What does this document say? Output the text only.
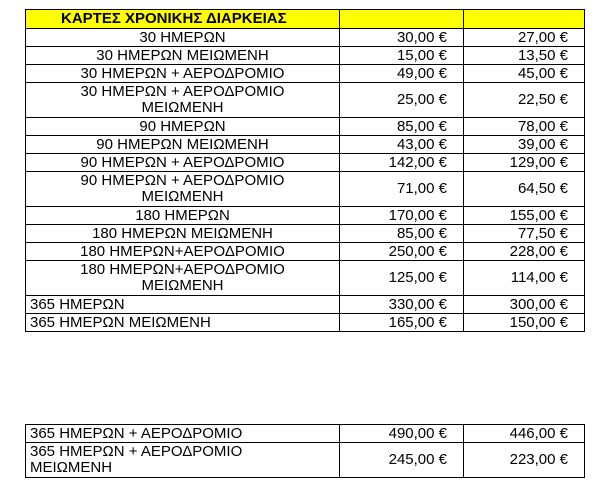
ΚΑΡΤΕΣ ΧΡΟΝΙΚΗΣ ΔΙΑΡΚΕΙΑΣ		
30 ΗΜΕΡΩΝ	30,00 €	27,00 €
30 ΗΜΕΡΩΝ ΜΕΙΩΜΕΝΗ	15,00 €	13,50 €
30 ΗΜΕΡΩΝ + ΑΕΡΟΔΡΟΜΙΟ	49,00 €	45,00 €
30 ΗΜΕΡΩΝ + ΑΕΡΟΔΡΟΜΙΟ
ΜΕΙΩΜΕΝΗ	25,00 €	22,50 €
90 ΗΜΕΡΩΝ	85,00 €	78,00 €
90 ΗΜΕΡΩΝ ΜΕΙΩΜΕΝΗ	43,00 €	39,00 €
90 ΗΜΕΡΩΝ + ΑΕΡΟΔΡΟΜΙΟ	142,00 €	129,00 €
90 ΗΜΕΡΩΝ + ΑΕΡΟΔΡΟΜΙΟ
ΜΕΙΩΜΕΝΗ	71,00 €	64,50 €
180 ΗΜΕΡΩΝ	170,00 €	155,00 €
180 ΗΜΕΡΩΝ ΜΕΙΩΜΕΝΗ	85,00 €	77,50 €
180 ΗΜΕΡΩΝ+ΑΕΡΟΔΡΟΜΙΟ	250,00 €	228,00 €
180 ΗΜΕΡΩΝ+ΑΕΡΟΔΡΟΜΙΟ
ΜΕΙΩΜΕΝΗ	125,00 €	114,00 €
365 ΗΜΕΡΩΝ	330,00 €	300,00 €
365 ΗΜΕΡΩΝ ΜΕΙΩΜΕΝΗ	165,00 €	150,00 €
365 ΗΜΕΡΩΝ + ΑΕΡΟΔΡΟΜΙΟ	490,00 €	446,00 €
365 ΗΜΕΡΩΝ + ΑΕΡΟΔΡΟΜΙΟ
ΜΕΙΩΜΕΝΗ	245,00 €	223,00 €
